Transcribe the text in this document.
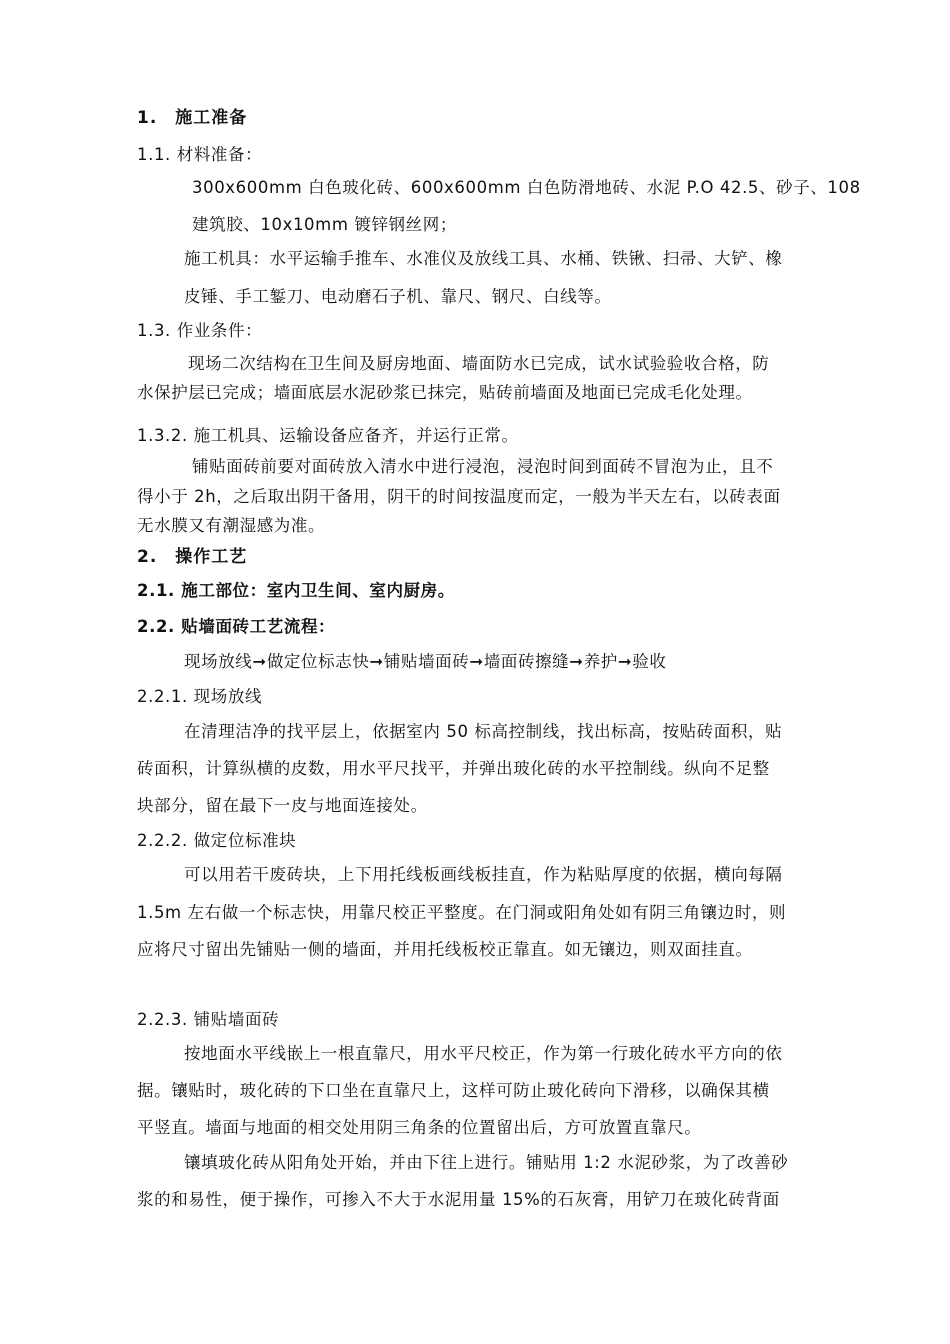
1.　施工准备
1.1. 材料准备：
300x600mm 白色玻化砖、600x600mm 白色防滑地砖、水泥 P.O 42.5、砂子、108
建筑胶、10x10mm 镀锌钢丝网；
施工机具：水平运输手推车、水准仪及放线工具、水桶、铁锹、扫帚、大铲、橡
皮锤、手工錾刀、电动磨石子机、靠尺、钢尺、白线等。
1.3. 作业条件：
现场二次结构在卫生间及厨房地面、墙面防水已完成，试水试验验收合格，防
水保护层已完成；墙面底层水泥砂浆已抹完，贴砖前墙面及地面已完成毛化处理。
1.3.2. 施工机具、运输设备应备齐，并运行正常。
铺贴面砖前要对面砖放入清水中进行浸泡，浸泡时间到面砖不冒泡为止，且不
得小于 2h，之后取出阴干备用，阴干的时间按温度而定，一般为半天左右，以砖表面
无水膜又有潮湿感为准。
2.　操作工艺
2.1. 施工部位：室内卫生间、室内厨房。
2.2. 贴墙面砖工艺流程：
现场放线➞做定位标志快➞铺贴墙面砖➞墙面砖擦缝➞养护➞验收
2.2.1. 现场放线
在清理洁净的找平层上，依据室内 50 标高控制线，找出标高，按贴砖面积，贴
砖面积，计算纵横的皮数，用水平尺找平，并弹出玻化砖的水平控制线。纵向不足整
块部分，留在最下一皮与地面连接处。
2.2.2. 做定位标准块
可以用若干废砖块，上下用托线板画线板挂直，作为粘贴厚度的依据，横向每隔
1.5m 左右做一个标志快，用靠尺校正平整度。在门洞或阳角处如有阴三角镶边时，则
应将尺寸留出先铺贴一侧的墙面，并用托线板校正靠直。如无镶边，则双面挂直。
2.2.3. 铺贴墙面砖
按地面水平线嵌上一根直靠尺，用水平尺校正，作为第一行玻化砖水平方向的依
据。镶贴时，玻化砖的下口坐在直靠尺上，这样可防止玻化砖向下滑移，以确保其横
平竖直。墙面与地面的相交处用阴三角条的位置留出后，方可放置直靠尺。
镶填玻化砖从阳角处开始，并由下往上进行。铺贴用 1:2 水泥砂浆，为了改善砂
浆的和易性，便于操作，可掺入不大于水泥用量 15%的石灰膏，用铲刀在玻化砖背面
